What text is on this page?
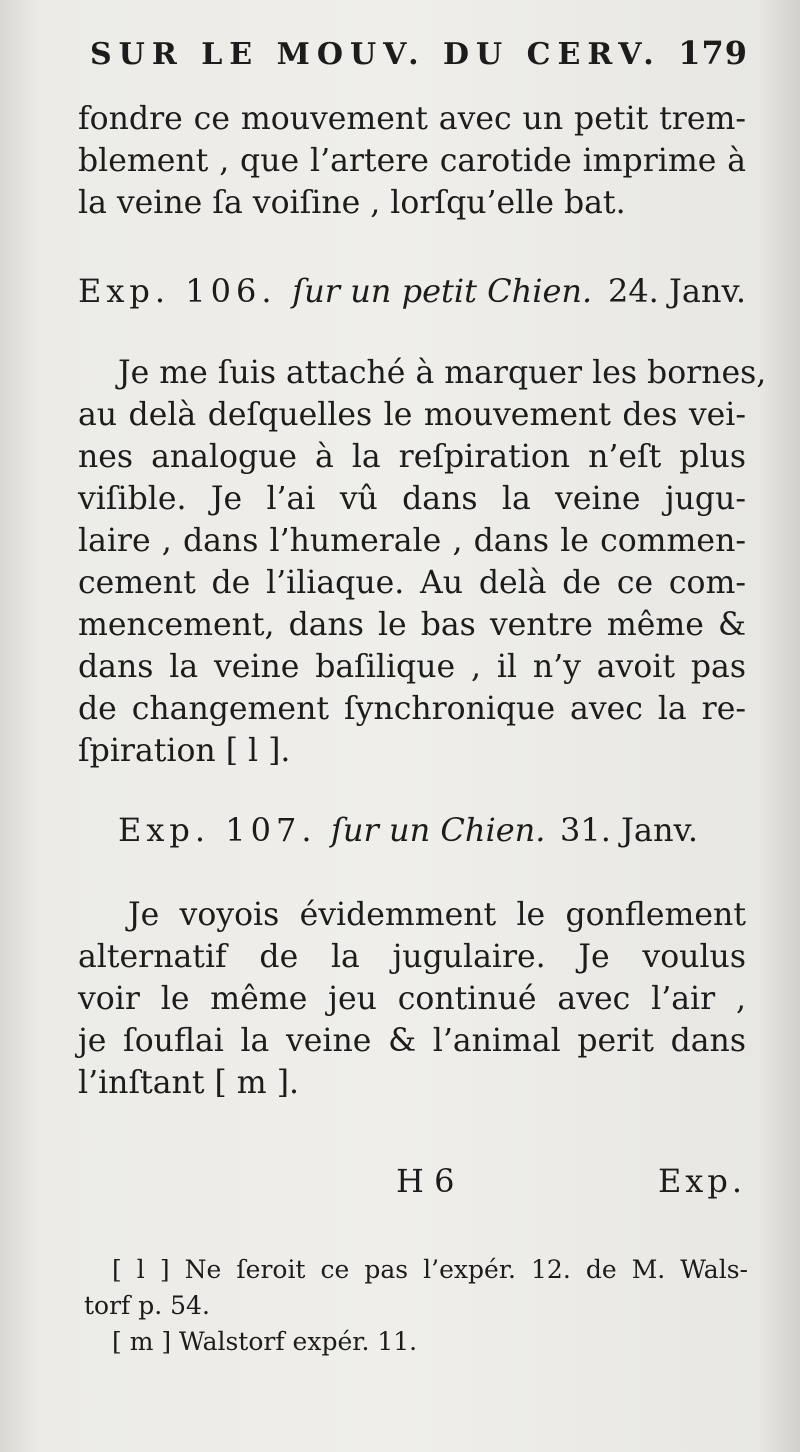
SUR LE MOUV. DU CERV. 179
fondre ce mouvement avec un petit trem-
blement , que l’artere carotide imprime à
la veine ſa voiſine , lorſqu’elle bat.
Exp. 106. ſur un petit Chien. 24. Janv.
Je me ſuis attaché à marquer les bornes,
au delà deſquelles le mouvement des vei-
nes analogue à la reſpiration n’eſt plus
viſible. Je l’ai vû dans la veine jugu-
laire , dans l’humerale , dans le commen-
cement de l’iliaque. Au delà de ce com-
mencement, dans le bas ventre même &
dans la veine baſilique , il n’y avoit pas
de changement ſynchronique avec la re-
ſpiration [ l ].
Exp. 107. ſur un Chien. 31. Janv.
Je voyois évidemment le gonflement
alternatif de la jugulaire. Je voulus
voir le même jeu continué avec l’air ,
je ſouflai la veine & l’animal perit dans
l’inſtant [ m ].
H 6	Exp.
[ l ] Ne ſeroit ce pas l’expér. 12. de M. Wals-
torf p. 54.
[ m ] Walstorf expér. 11.
